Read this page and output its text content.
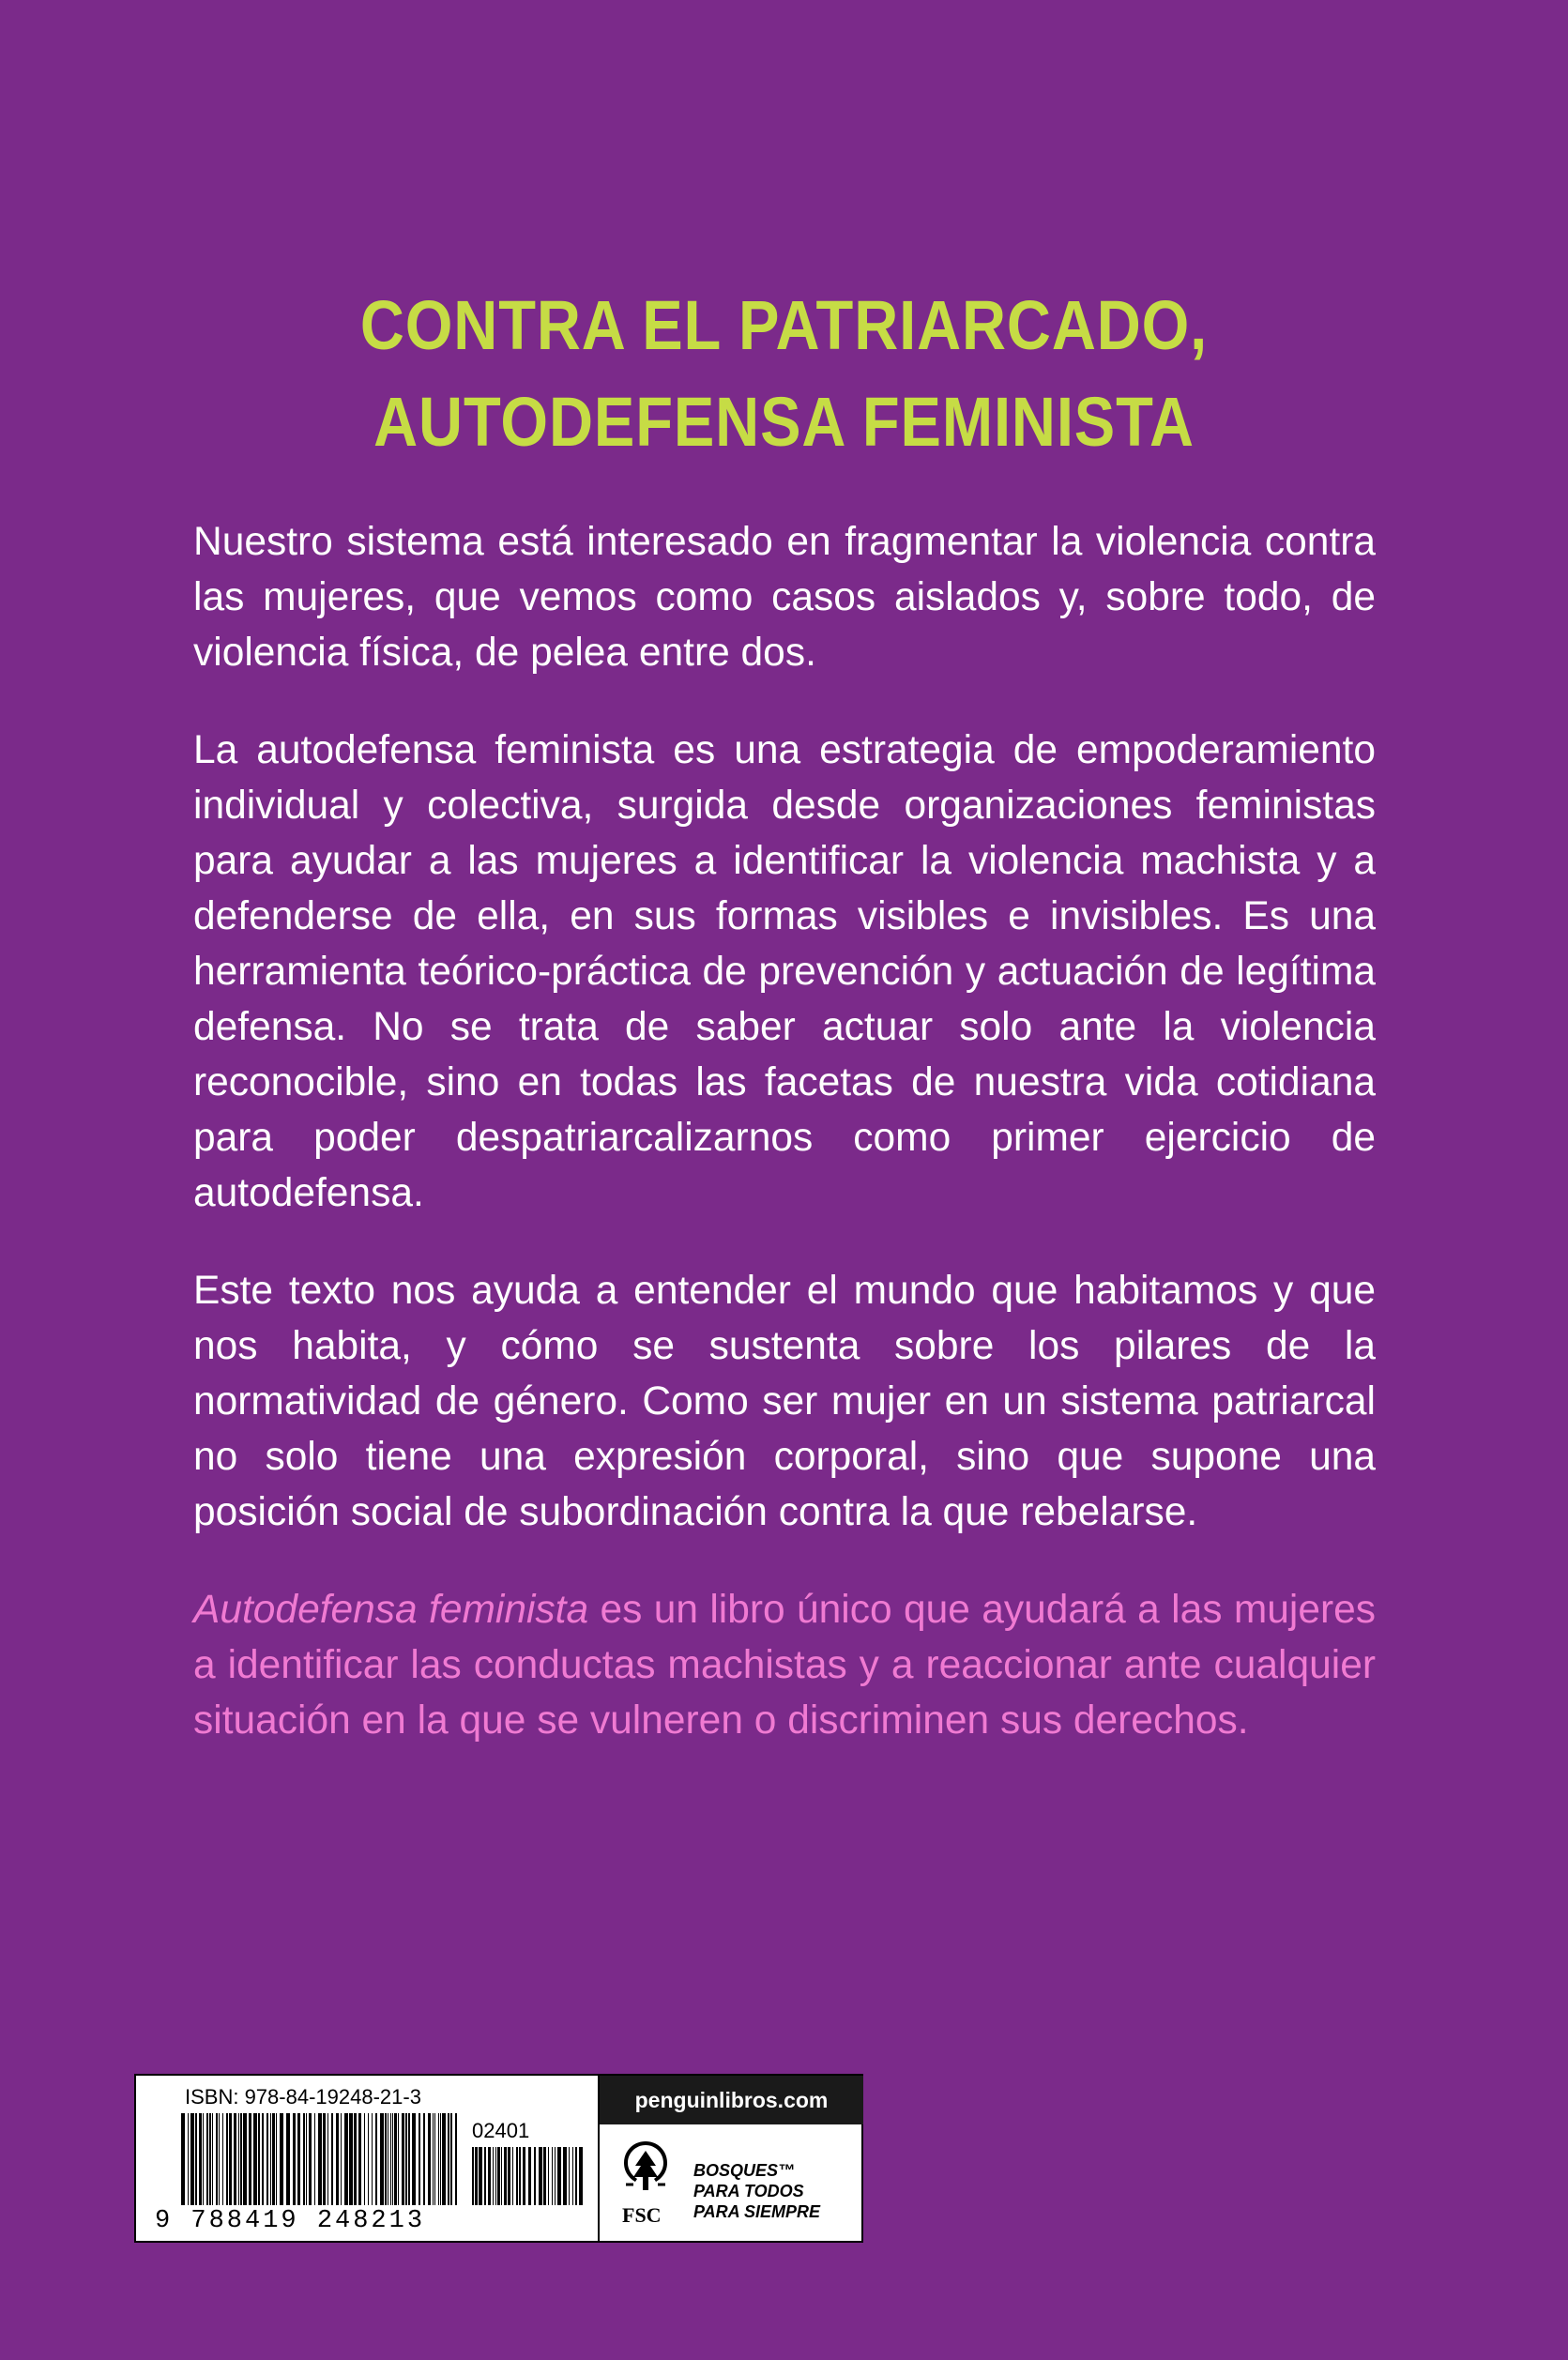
CONTRA EL PATRIARCADO,
AUTODEFENSA FEMINISTA

Nuestro sistema está interesado en fragmentar la violencia contra las mujeres, que vemos como casos aislados y, sobre todo, de violencia física, de pelea entre dos.

La autodefensa feminista es una estrategia de empoderamiento individual y colectiva, surgida desde organizaciones feministas para ayudar a las mujeres a identificar la violencia machista y a defenderse de ella, en sus formas visibles e invisibles. Es una herramienta teórico-práctica de prevención y actuación de legítima defensa. No se trata de saber actuar solo ante la violencia reconocible, sino en todas las facetas de nuestra vida cotidiana para poder despatriarcalizarnos como primer ejercicio de autodefensa.

Este texto nos ayuda a entender el mundo que habitamos y que nos habita, y cómo se sustenta sobre los pilares de la normatividad de género. Como ser mujer en un sistema patriarcal no solo tiene una expresión corporal, sino que supone una posición social de subordinación contra la que rebelarse.

Autodefensa feminista es un libro único que ayudará a las mujeres a identificar las conductas machistas y a reaccionar ante cualquier situación en la que se vulneren o discriminen sus derechos.

ISBN: 978-84-19248-21-3
02401
9 788419 248213
penguinlibros.com
FSC
BOSQUES™
PARA TODOS
PARA SIEMPRE
